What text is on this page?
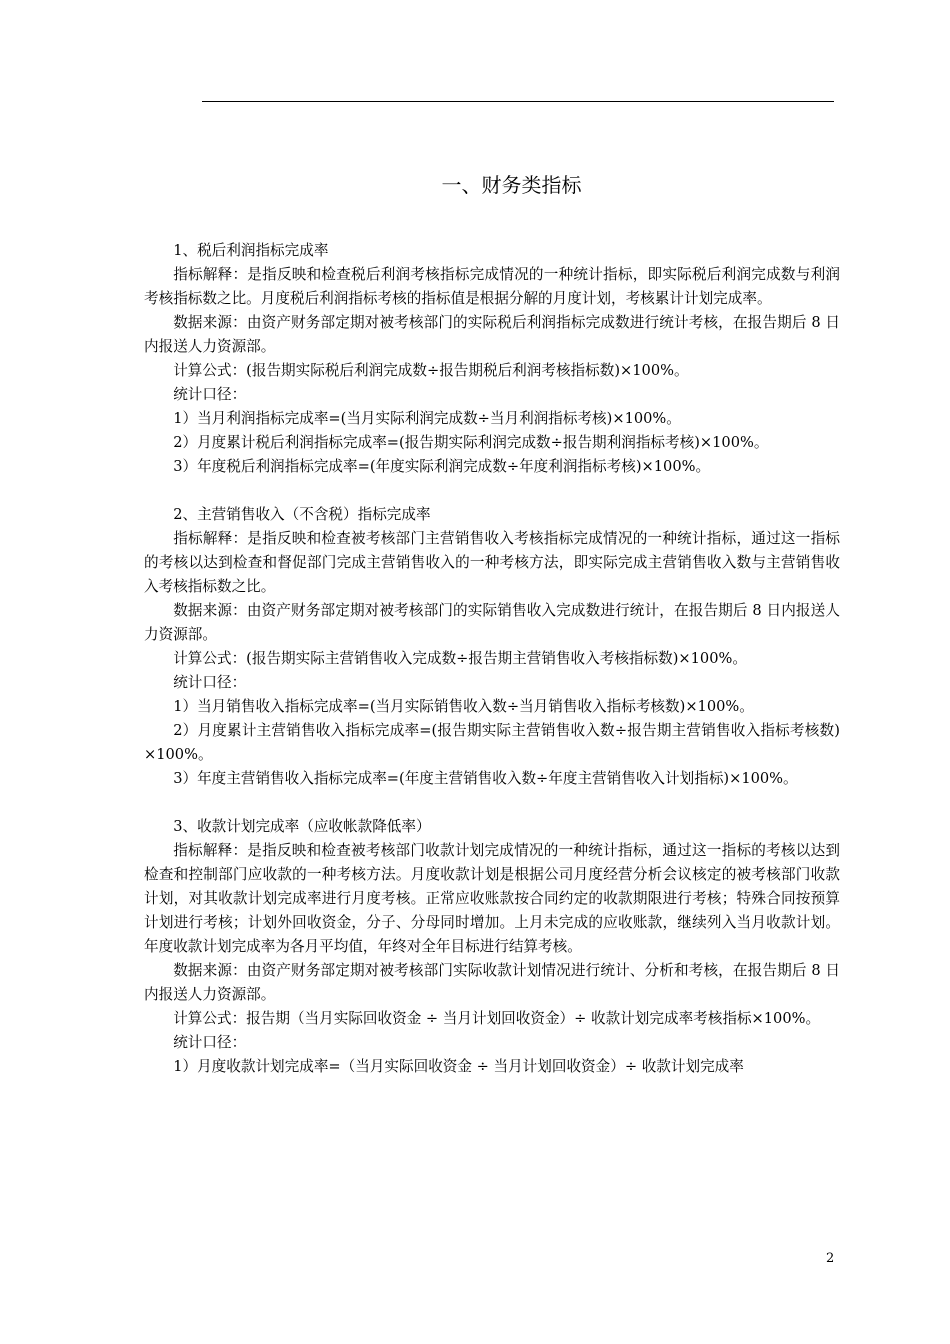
一、财务类指标

1、税后利润指标完成率

指标解释：是指反映和检查税后利润考核指标完成情况的一种统计指标，即实际税后利润完成数与利润考核指标数之比。月度税后利润指标考核的指标值是根据分解的月度计划，考核累计计划完成率。

数据来源：由资产财务部定期对被考核部门的实际税后利润指标完成数进行统计考核，在报告期后 8 日内报送人力资源部。

计算公式：(报告期实际税后利润完成数÷报告期税后利润考核指标数)×100%。

统计口径：

1）当月利润指标完成率=(当月实际利润完成数÷当月利润指标考核)×100%。

2）月度累计税后利润指标完成率=(报告期实际利润完成数÷报告期利润指标考核)×100%。

3）年度税后利润指标完成率=(年度实际利润完成数÷年度利润指标考核)×100%。

2、主营销售收入（不含税）指标完成率

指标解释：是指反映和检查被考核部门主营销售收入考核指标完成情况的一种统计指标，通过这一指标的考核以达到检查和督促部门完成主营销售收入的一种考核方法，即实际完成主营销售收入数与主营销售收入考核指标数之比。

数据来源：由资产财务部定期对被考核部门的实际销售收入完成数进行统计，在报告期后 8 日内报送人力资源部。

计算公式：(报告期实际主营销售收入完成数÷报告期主营销售收入考核指标数)×100%。

统计口径：

1）当月销售收入指标完成率=(当月实际销售收入数÷当月销售收入指标考核数)×100%。

2）月度累计主营销售收入指标完成率=(报告期实际主营销售收入数÷报告期主营销售收入指标考核数)×100%。

3）年度主营销售收入指标完成率=(年度主营销售收入数÷年度主营销售收入计划指标)×100%。

3、收款计划完成率（应收帐款降低率）

指标解释：是指反映和检查被考核部门收款计划完成情况的一种统计指标，通过这一指标的考核以达到检查和控制部门应收款的一种考核方法。月度收款计划是根据公司月度经营分析会议核定的被考核部门收款计划，对其收款计划完成率进行月度考核。正常应收账款按合同约定的收款期限进行考核；特殊合同按预算计划进行考核；计划外回收资金，分子、分母同时增加。上月未完成的应收账款，继续列入当月收款计划。年度收款计划完成率为各月平均值，年终对全年目标进行结算考核。

数据来源：由资产财务部定期对被考核部门实际收款计划情况进行统计、分析和考核，在报告期后 8 日内报送人力资源部。

计算公式：报告期（当月实际回收资金 ÷ 当月计划回收资金）÷ 收款计划完成率考核指标×100%。

统计口径：

1）月度收款计划完成率=（当月实际回收资金 ÷ 当月计划回收资金）÷ 收款计划完成率

2
